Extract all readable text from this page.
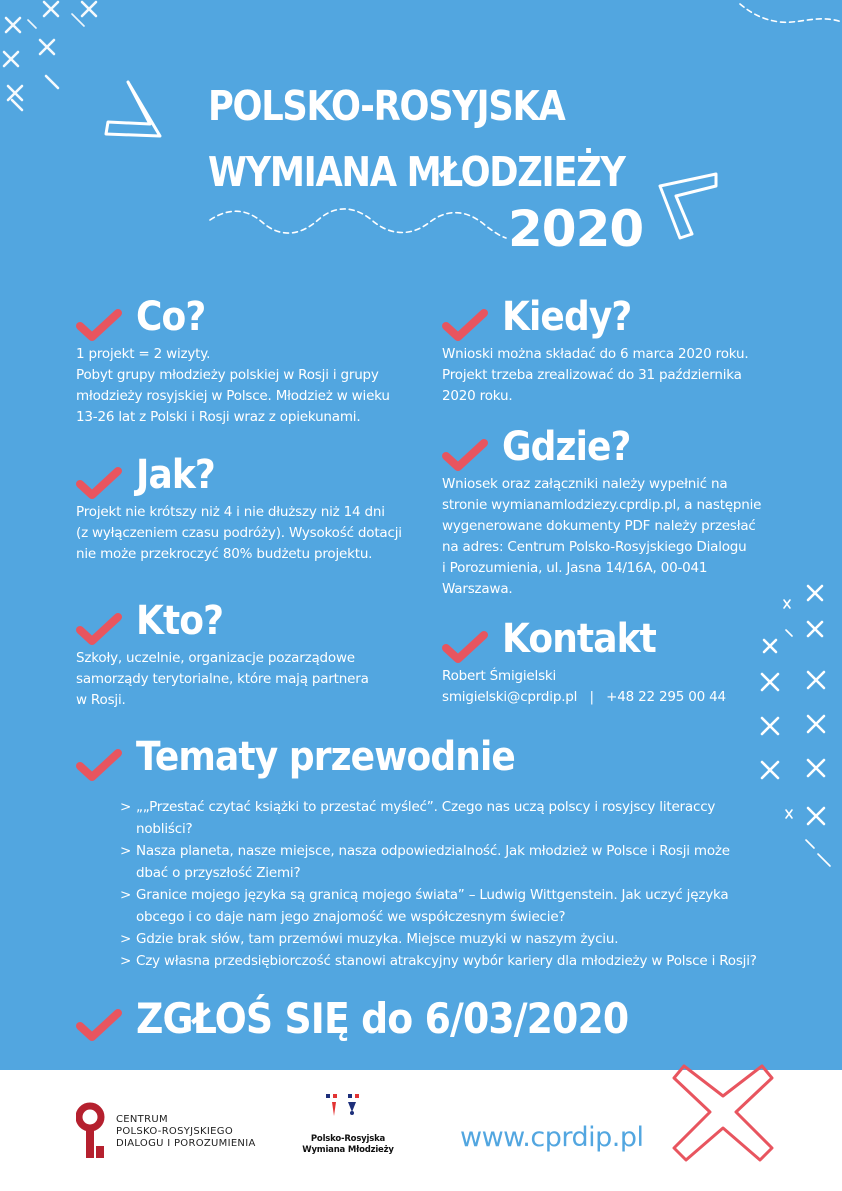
POLSKO-ROSYJSKA
WYMIANA MŁODZIEŻY
2020
Co?

1 projekt = 2 wizyty.

Pobyt grupy młodzieży polskiej w Rosji i grupy

młodzieży rosyjskiej w Polsce. Młodzież w wieku

13-26 lat z Polski i Rosji wraz z opiekunami.

Jak?

Projekt nie krótszy niż 4 i nie dłuższy niż 14 dni

(z wyłączeniem czasu podróży). Wysokość dotacji

nie może przekroczyć 80% budżetu projektu.

Kto?

Szkoły, uczelnie, organizacje pozarządowe

samorządy terytorialne, które mają partnera

w Rosji.

Kiedy?

Wnioski można składać do 6 marca 2020 roku.

Projekt trzeba zrealizować do 31 października

2020 roku.

Gdzie?

Wniosek oraz załączniki należy wypełnić na

stronie wymianamlodziezy.cprdip.pl, a następnie

wygenerowane dokumenty PDF należy przesłać

na adres: Centrum Polsko-Rosyjskiego Dialogu

i Porozumienia, ul. Jasna 14/16A, 00-041

Warszawa.

Kontakt

Robert Śmigielski

smigielski@cprdip.pl   |   +48 22 295 00 44

Tematy przewodnie
> „„Przestać czytać książki to przestać myśleć”. Czego nas uczą polscy i rosyjscy literaccy
nobliści?
> Nasza planeta, nasze miejsce, nasza odpowiedzialność. Jak młodzież w Polsce i Rosji może
dbać o przyszłość Ziemi?
> Granice mojego języka są granicą mojego świata” – Ludwig Wittgenstein. Jak uczyć języka
obcego i co daje nam jego znajomość we współczesnym świecie?
> Gdzie brak słów, tam przemówi muzyka. Miejsce muzyki w naszym życiu.
> Czy własna przedsiębiorczość stanowi atrakcyjny wybór kariery dla młodzieży w Polsce i Rosji?
ZGŁOŚ SIĘ do 6/03/2020
CENTRUM
POLSKO-ROSYJSKIEGO
DIALOGU I POROZUMIENIA	Polsko-Rosyjska
Wymiana Młodzieży www.cprdip.pl
